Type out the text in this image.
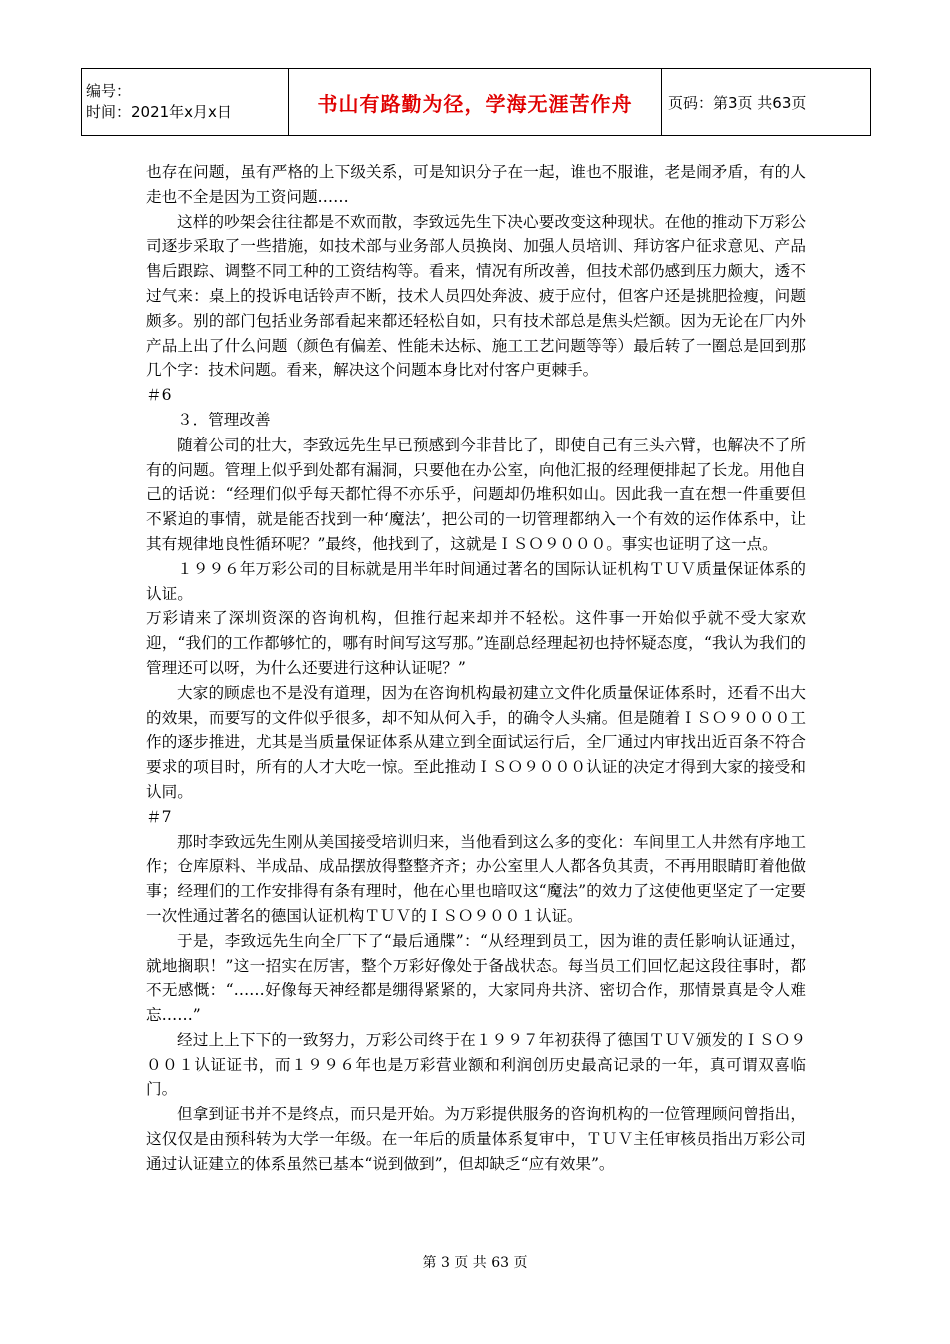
编号：
时间：2021年x月x日	书山有路勤为径，学海无涯苦作舟	页码：第3页 共63页

也存在问题，虽有严格的上下级关系，可是知识分子在一起，谁也不服谁，老是闹矛盾，有的人走也不全是因为工资问题……

这样的吵架会往往都是不欢而散，李致远先生下决心要改变这种现状。在他的推动下万彩公司逐步采取了一些措施，如技术部与业务部人员换岗、加强人员培训、拜访客户征求意见、产品售后跟踪、调整不同工种的工资结构等。看来，情况有所改善，但技术部仍感到压力颇大，透不过气来：桌上的投诉电话铃声不断，技术人员四处奔波、疲于应付，但客户还是挑肥捡瘦，问题颇多。别的部门包括业务部看起来都还轻松自如，只有技术部总是焦头烂额。因为无论在厂内外产品上出了什么问题（颜色有偏差、性能未达标、施工工艺问题等等）最后转了一圈总是回到那几个字：技术问题。看来，解决这个问题本身比对付客户更棘手。

＃6

３．管理改善

随着公司的壮大，李致远先生早已预感到今非昔比了，即使自己有三头六臂，也解决不了所有的问题。管理上似乎到处都有漏洞，只要他在办公室，向他汇报的经理便排起了长龙。用他自己的话说：“经理们似乎每天都忙得不亦乐乎，问题却仍堆积如山。因此我一直在想一件重要但不紧迫的事情，就是能否找到一种‘魔法’，把公司的一切管理都纳入一个有效的运作体系中，让其有规律地良性循环呢？”最终，他找到了，这就是ＩＳＯ９０００。事实也证明了这一点。

１９９６年万彩公司的目标就是用半年时间通过著名的国际认证机构ＴＵＶ质量保证体系的认证。

万彩请来了深圳资深的咨询机构，但推行起来却并不轻松。这件事一开始似乎就不受大家欢迎，“我们的工作都够忙的，哪有时间写这写那。”连副总经理起初也持怀疑态度，“我认为我们的管理还可以呀，为什么还要进行这种认证呢？”

大家的顾虑也不是没有道理，因为在咨询机构最初建立文件化质量保证体系时，还看不出大的效果，而要写的文件似乎很多，却不知从何入手，的确令人头痛。但是随着ＩＳＯ９０００工作的逐步推进，尤其是当质量保证体系从建立到全面试运行后，全厂通过内审找出近百条不符合要求的项目时，所有的人才大吃一惊。至此推动ＩＳＯ９０００认证的决定才得到大家的接受和认同。

＃7

那时李致远先生刚从美国接受培训归来，当他看到这么多的变化：车间里工人井然有序地工作；仓库原料、半成品、成品摆放得整整齐齐；办公室里人人都各负其责，不再用眼睛盯着他做事；经理们的工作安排得有条有理时，他在心里也暗叹这“魔法”的效力了这使他更坚定了一定要一次性通过著名的德国认证机构ＴＵＶ的ＩＳＯ９００１认证。

于是，李致远先生向全厂下了“最后通牒”：“从经理到员工，因为谁的责任影响认证通过，就地搁职！”这一招实在厉害，整个万彩好像处于备战状态。每当员工们回忆起这段往事时，都不无感慨：“……好像每天神经都是绷得紧紧的，大家同舟共济、密切合作，那情景真是令人难忘……”

经过上上下下的一致努力，万彩公司终于在１９９７年初获得了德国ＴＵＶ颁发的ＩＳＯ９００１认证证书，而１９９６年也是万彩营业额和利润创历史最高记录的一年，真可谓双喜临门。

但拿到证书并不是终点，而只是开始。为万彩提供服务的咨询机构的一位管理顾问曾指出，这仅仅是由预科转为大学一年级。在一年后的质量体系复审中，ＴＵＶ主任审核员指出万彩公司通过认证建立的体系虽然已基本“说到做到”，但却缺乏“应有效果”。

第 3 页 共 63 页
